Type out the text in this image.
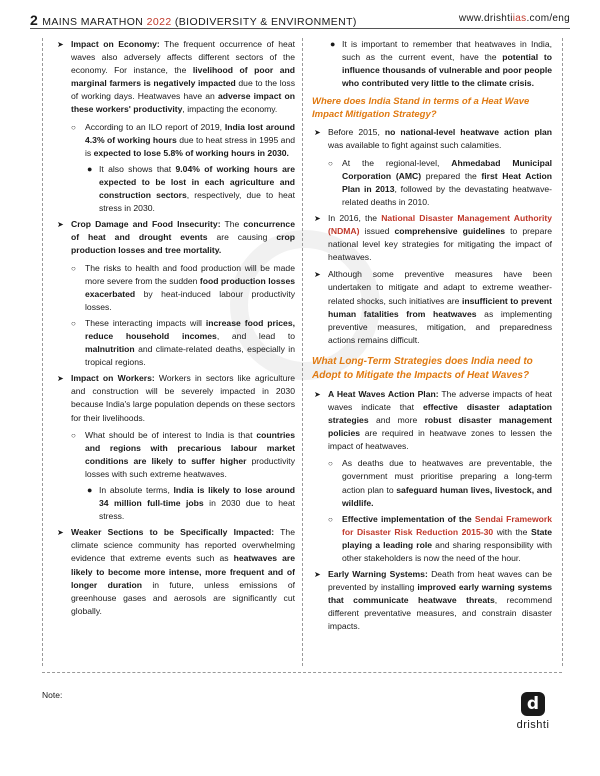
2 MAINS MARATHON 2022 (BIODIVERSITY & ENVIRONMENT)	www.drishtiias.com/eng

➤ Impact on Economy: The frequent occurrence of heat waves also adversely affects different sectors of the economy. For instance, the livelihood of poor and marginal farmers is negatively impacted due to the loss of working days. Heatwaves have an adverse impact on these workers' productivity, impacting the economy.

○ According to an ILO report of 2019, India lost around 4.3% of working hours due to heat stress in 1995 and is expected to lose 5.8% of working hours in 2030.

● It also shows that 9.04% of working hours are expected to be lost in each agriculture and construction sectors, respectively, due to heat stress in 2030.

➤ Crop Damage and Food Insecurity: The concurrence of heat and drought events are causing crop production losses and tree mortality.

○ The risks to health and food production will be made more severe from the sudden food production losses exacerbated by heat-induced labour productivity losses.

○ These interacting impacts will increase food prices, reduce household incomes, and lead to malnutrition and climate-related deaths, especially in tropical regions.

➤ Impact on Workers: Workers in sectors like agriculture and construction will be severely impacted in 2030 because India's large population depends on these sectors for their livelihoods.

○ What should be of interest to India is that countries and regions with precarious labour market conditions are likely to suffer higher productivity losses with such extreme heatwaves.

● In absolute terms, India is likely to lose around 34 million full-time jobs in 2030 due to heat stress.

➤ Weaker Sections to be Specifically Impacted: The climate science community has reported overwhelming evidence that extreme events such as heatwaves are likely to become more intense, more frequent and of longer duration in future, unless emissions of greenhouse gases and aerosols are significantly cut globally.

● It is important to remember that heatwaves in India, such as the current event, have the potential to influence thousands of vulnerable and poor people who contributed very little to the climate crisis.

Where does India Stand in terms of a Heat Wave Impact Mitigation Strategy?

➤ Before 2015, no national-level heatwave action plan was available to fight against such calamities.

○ At the regional-level, Ahmedabad Municipal Corporation (AMC) prepared the first Heat Action Plan in 2013, followed by the devastating heatwave-related deaths in 2010.

➤ In 2016, the National Disaster Management Authority (NDMA) issued comprehensive guidelines to prepare national level key strategies for mitigating the impact of heatwaves.

➤ Although some preventive measures have been undertaken to mitigate and adapt to extreme weather-related shocks, such initiatives are insufficient to prevent human fatalities from heatwaves as implementing preventive measures, mitigation, and preparedness actions remains difficult.

What Long-Term Strategies does India need to Adopt to Mitigate the Impacts of Heat Waves?

➤ A Heat Waves Action Plan: The adverse impacts of heat waves indicate that effective disaster adaptation strategies and more robust disaster management policies are required in heatwave zones to lessen the impact of heatwaves.

○ As deaths due to heatwaves are preventable, the government must prioritise preparing a long-term action plan to safeguard human lives, livestock, and wildlife.

○ Effective implementation of the Sendai Framework for Disaster Risk Reduction 2015-30 with the State playing a leading role and sharing responsibility with other stakeholders is now the need of the hour.

➤ Early Warning Systems: Death from heat waves can be prevented by installing improved early warning systems that communicate heatwave threats, recommend different preventative measures, and constrain disaster impacts.

Note:	d
drishti
